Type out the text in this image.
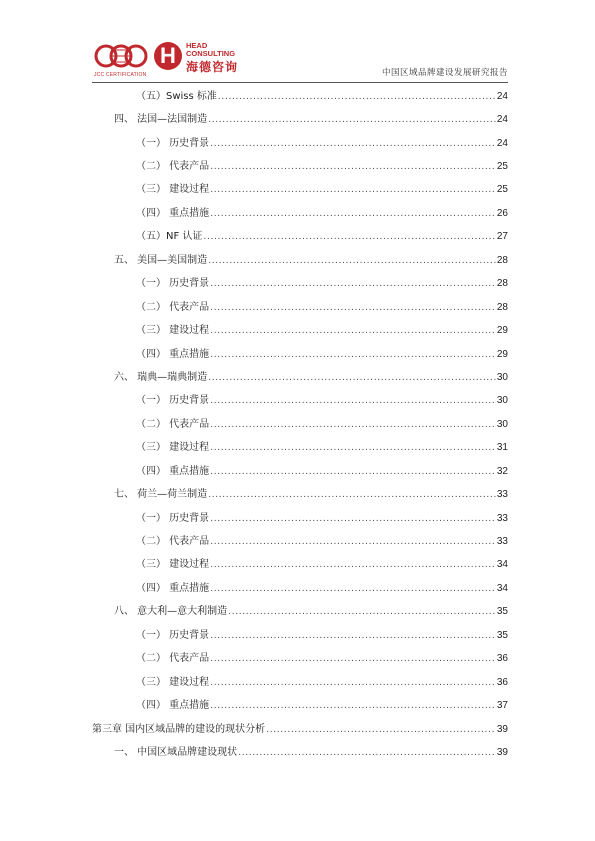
JCC CERTIFICATION
H	HEAD
CONSULTING
海德咨询	中国区域品牌建设发展研究报告
（五）Swiss 标准 . . .	24
四、 法国—法国制造 . . .	24
（一） 历史背景 . . .	24
（二） 代表产品 . . .	25
（三） 建设过程 . . .	25
（四） 重点措施 . . .	26
（五）NF 认证 . . .	27
五、 美国—美国制造 . . .	28
（一） 历史背景 . . .	28
（二） 代表产品 . . .	28
（三） 建设过程 . . .	29
（四） 重点措施 . . .	29
六、 瑞典—瑞典制造 . . .	30
（一） 历史背景 . . .	30
（二） 代表产品 . . .	30
（三） 建设过程 . . .	31
（四） 重点措施 . . .	32
七、 荷兰—荷兰制造 . . .	33
（一） 历史背景 . . .	33
（二） 代表产品 . . .	33
（三） 建设过程 . . .	34
（四） 重点措施 . . .	34
八、 意大利—意大利制造 . . .	35
（一） 历史背景 . . .	35
（二） 代表产品 . . .	36
（三） 建设过程 . . .	36
（四） 重点措施 . . .	37
第三章 国内区域品牌的建设的现状分析 . . .	39
一、 中国区域品牌建设现状 . . .	39
